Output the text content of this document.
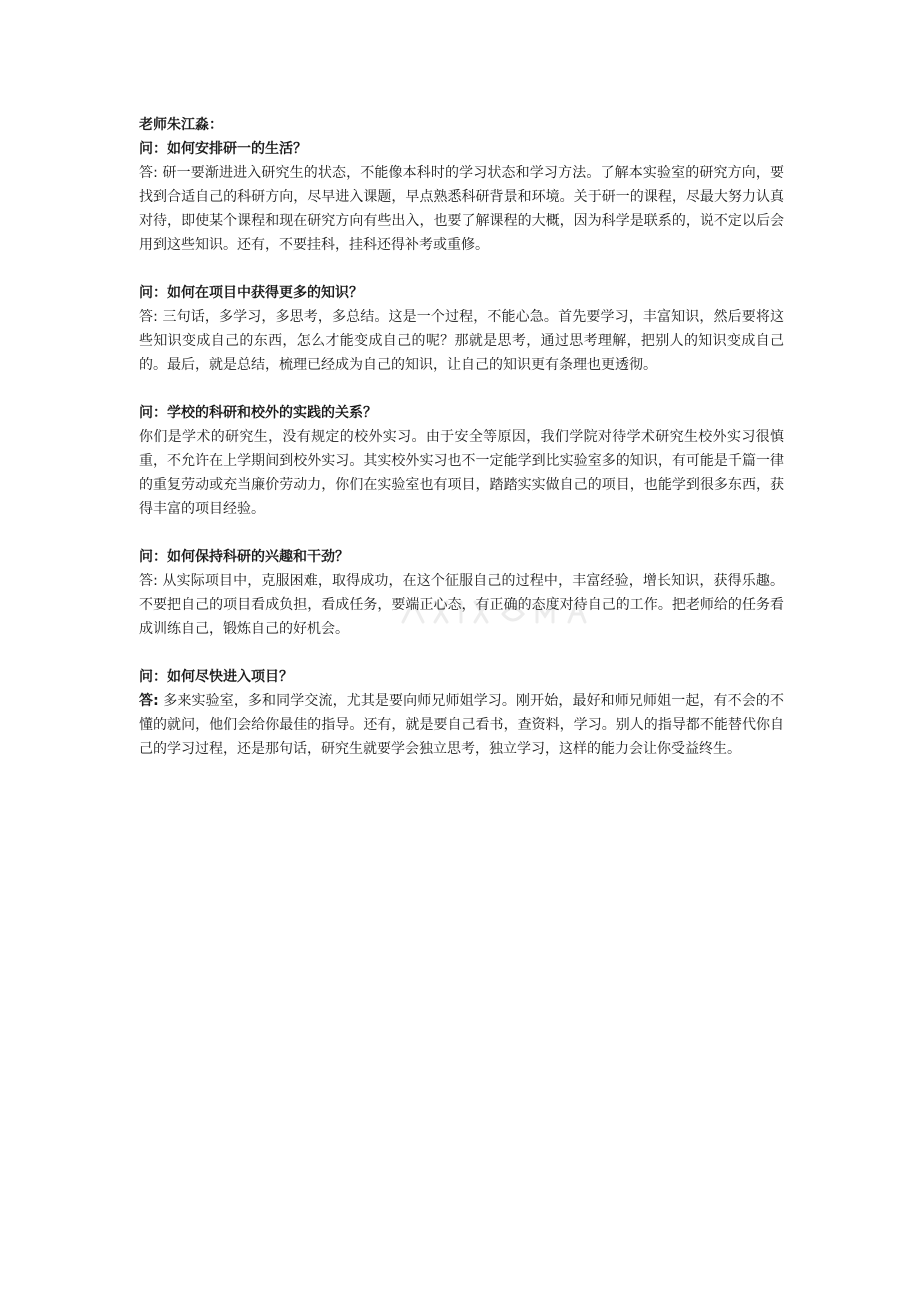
老师朱江淼：

问：如何安排研一的生活？

答: 研一要渐进进入研究生的状态，不能像本科时的学习状态和学习方法。了解本实验室的研究方向，要找到合适自己的科研方向，尽早进入课题，早点熟悉科研背景和环境。关于研一的课程，尽最大努力认真对待，即使某个课程和现在研究方向有些出入，也要了解课程的大概，因为科学是联系的，说不定以后会用到这些知识。还有，不要挂科，挂科还得补考或重修。

问：如何在项目中获得更多的知识？

答: 三句话，多学习，多思考，多总结。这是一个过程，不能心急。首先要学习，丰富知识，然后要将这些知识变成自己的东西，怎么才能变成自己的呢？那就是思考，通过思考理解，把别人的知识变成自己的。最后，就是总结，梳理已经成为自己的知识，让自己的知识更有条理也更透彻。

问：学校的科研和校外的实践的关系？

你们是学术的研究生，没有规定的校外实习。由于安全等原因，我们学院对待学术研究生校外实习很慎重，不允许在上学期间到校外实习。其实校外实习也不一定能学到比实验室多的知识，有可能是千篇一律的重复劳动或充当廉价劳动力，你们在实验室也有项目，踏踏实实做自己的项目，也能学到很多东西，获得丰富的项目经验。

问：如何保持科研的兴趣和干劲？

答: 从实际项目中，克服困难，取得成功，在这个征服自己的过程中，丰富经验，增长知识，获得乐趣。不要把自己的项目看成负担，看成任务，要端正心态，有正确的态度对待自己的工作。把老师给的任务看成训练自己，锻炼自己的好机会。

问：如何尽快进入项目？

答: 多来实验室，多和同学交流，尤其是要向师兄师姐学习。刚开始，最好和师兄师姐一起，有不会的不懂的就问，他们会给你最佳的指导。还有，就是要自己看书，查资料，学习。别人的指导都不能替代你自己的学习过程，还是那句话，研究生就要学会独立思考，独立学习，这样的能力会让你受益终生。
